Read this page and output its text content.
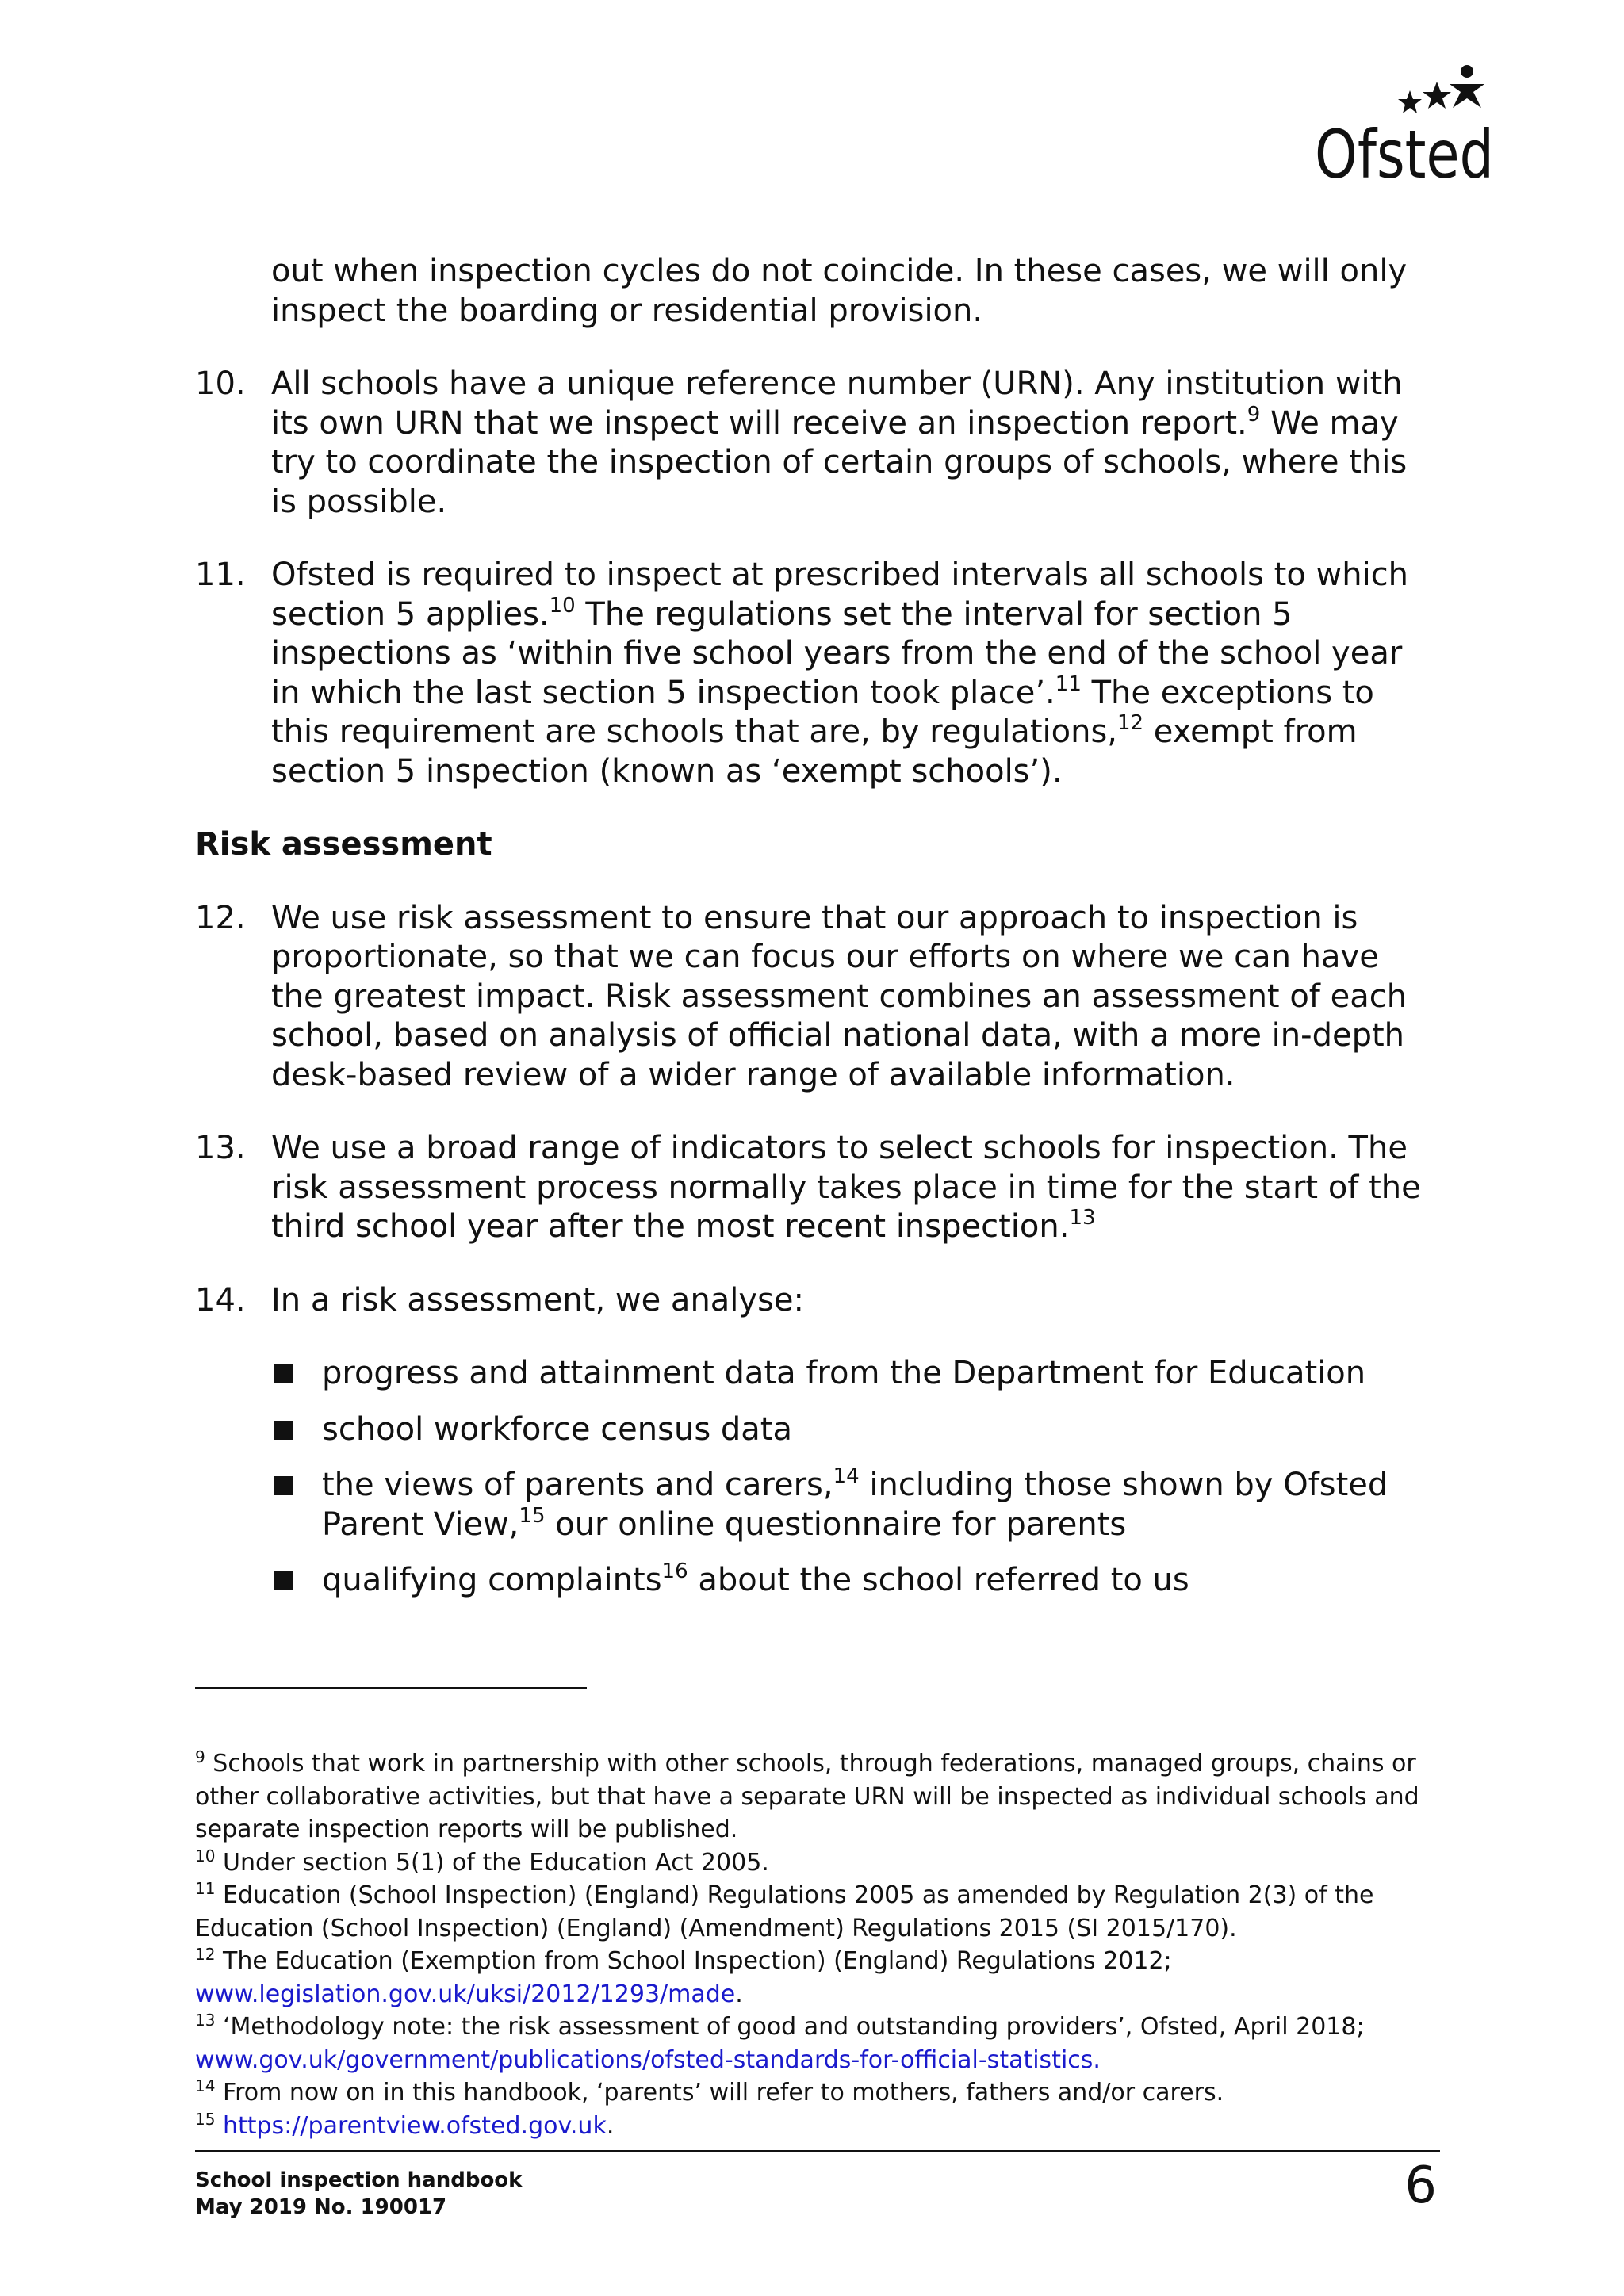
Ofsted
out when inspection cycles do not coincide. In these cases, we will only inspect the boarding or residential provision.
10. All schools have a unique reference number (URN). Any institution with its own URN that we inspect will receive an inspection report.$^9$ We may try to coordinate the inspection of certain groups of schools, where this is possible.
11. Ofsted is required to inspect at prescribed intervals all schools to which section 5 applies.$^{10}$ The regulations set the interval for section 5 inspections as ‘within five school years from the end of the school year in which the last section 5 inspection took place’.$^{11}$ The exceptions to this requirement are schools that are, by regulations,$^{12}$ exempt from section 5 inspection (known as ‘exempt schools’).
Risk assessment
12. We use risk assessment to ensure that our approach to inspection is proportionate, so that we can focus our efforts on where we can have the greatest impact. Risk assessment combines an assessment of each school, based on analysis of official national data, with a more in-depth desk-based review of a wider range of available information.
13. We use a broad range of indicators to select schools for inspection. The risk assessment process normally takes place in time for the start of the third school year after the most recent inspection.$^{13}$
14. In a risk assessment, we analyse:
progress and attainment data from the Department for Education
school workforce census data
the views of parents and carers,$^{14}$ including those shown by Ofsted Parent View,$^{15}$ our online questionnaire for parents
qualifying complaints$^{16}$ about the school referred to us

$^9$ Schools that work in partnership with other schools, through federations, managed groups, chains or other collaborative activities, but that have a separate URN will be inspected as individual schools and separate inspection reports will be published.

$^{10}$ Under section 5(1) of the Education Act 2005.

$^{11}$ Education (School Inspection) (England) Regulations 2005 as amended by Regulation 2(3) of the Education (School Inspection) (England) (Amendment) Regulations 2015 (SI 2015/170).

$^{12}$ The Education (Exemption from School Inspection) (England) Regulations 2012; www.legislation.gov.uk/uksi/2012/1293/made.

$^{13}$ ‘Methodology note: the risk assessment of good and outstanding providers’, Ofsted, April 2018; www.gov.uk/government/publications/ofsted-standards-for-official-statistics.

$^{14}$ From now on in this handbook, ‘parents’ will refer to mothers, fathers and/or carers.

$^{15}$ https://parentview.ofsted.gov.uk.

School inspection handbook
May 2019 No. 190017	6
